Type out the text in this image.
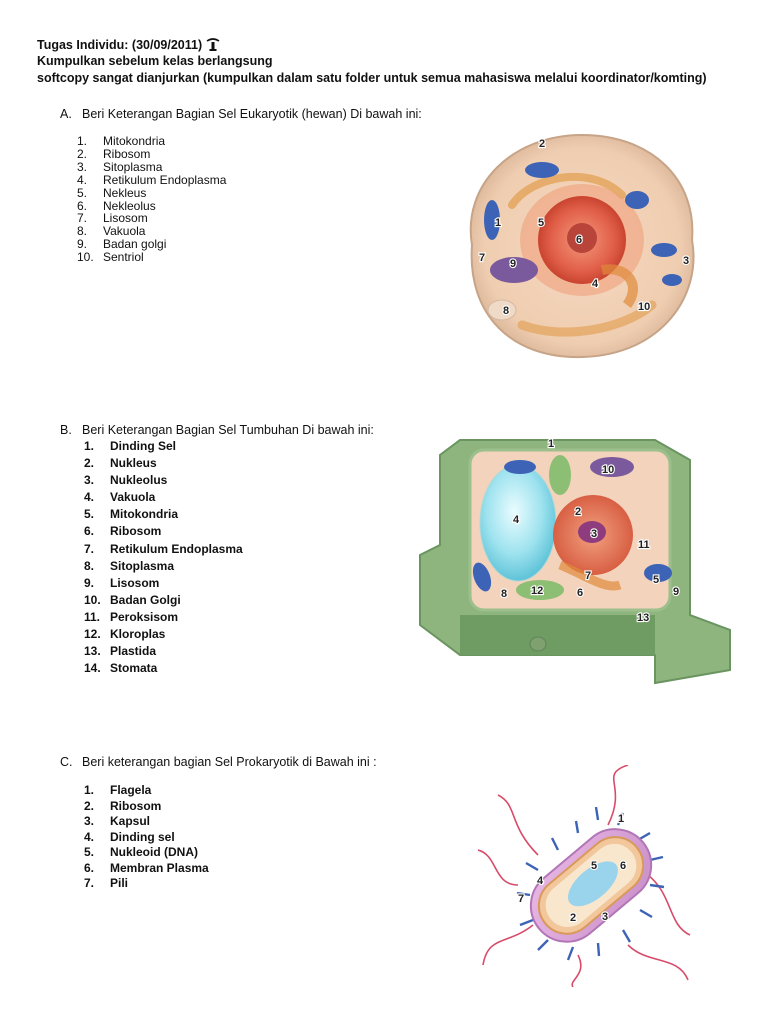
Tugas Individu: (30/09/2011)
Kumpulkan sebelum kelas berlangsung
softcopy sangat dianjurkan (kumpulkan dalam satu folder untuk semua mahasiswa melalui koordinator/komting)
A. Beri Keterangan Bagian Sel Eukaryotik (hewan) Di bawah ini:
1. Mitokondria
2. Ribosom
3. Sitoplasma
4. Retikulum Endoplasma
5. Nekleus
6. Nekleolus
7. Lisosom
8. Vakuola
9. Badan golgi
10. Sentriol
1
2
3
4
5
6
7
8
9
10
B. Beri Keterangan Bagian Sel Tumbuhan Di bawah ini:
1. Dinding Sel
2. Nukleus
3. Nukleolus
4. Vakuola
5. Mitokondria
6. Ribosom
7. Retikulum Endoplasma
8. Sitoplasma
9. Lisosom
10. Badan Golgi
11. Peroksisom
12. Kloroplas
13. Plastida
14. Stomata
1
2
3
4
5
6
7
8	9
10
11
12
13
C. Beri keterangan bagian Sel Prokaryotik di Bawah ini :
1. Flagela
2. Ribosom
3. Kapsul
4. Dinding sel
5. Nukleoid (DNA)
6. Membran Plasma
7. Pili
1
2 3
4
5 6
7
